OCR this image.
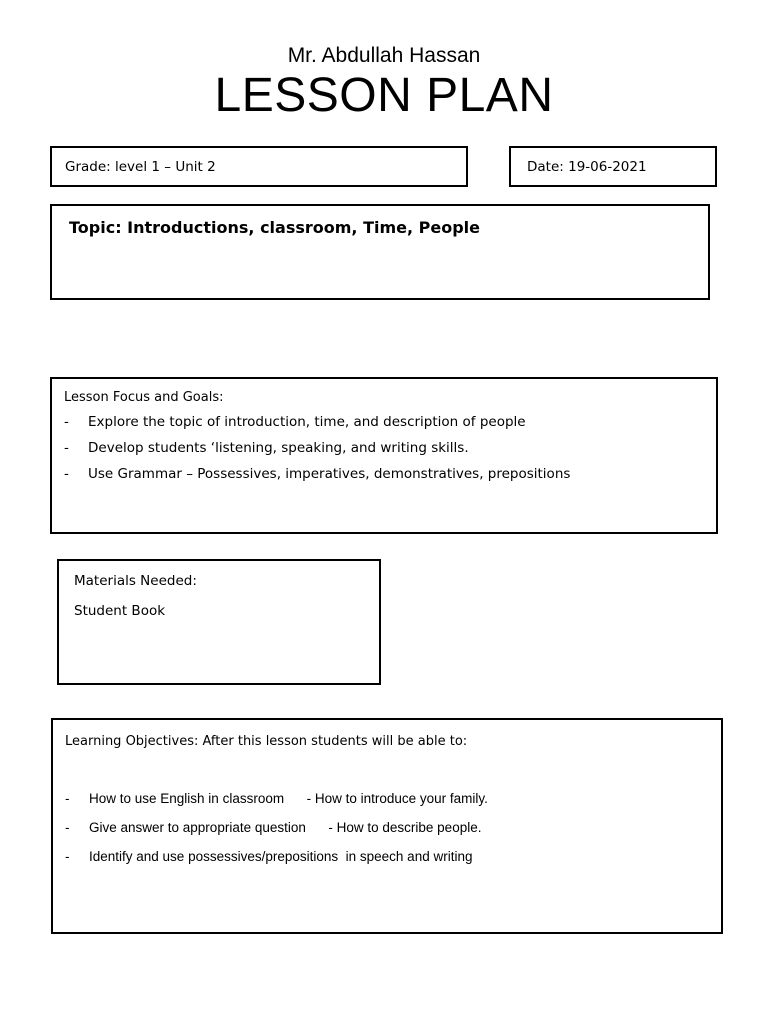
Mr. Abdullah Hassan
LESSON PLAN
Grade: level 1 – Unit 2	Date: 19-06-2021
Topic: Introductions, classroom, Time, People
Lesson Focus and Goals:
- Explore the topic of introduction, time, and description of people
- Develop students ‘listening, speaking, and writing skills.
- Use Grammar – Possessives, imperatives, demonstratives, prepositions
Materials Needed:
Student Book
Learning Objectives: After this lesson students will be able to:
- How to use English in classroom      - How to introduce your family.
- Give answer to appropriate question      - How to describe people.
- Identify and use possessives/prepositions  in speech and writing
